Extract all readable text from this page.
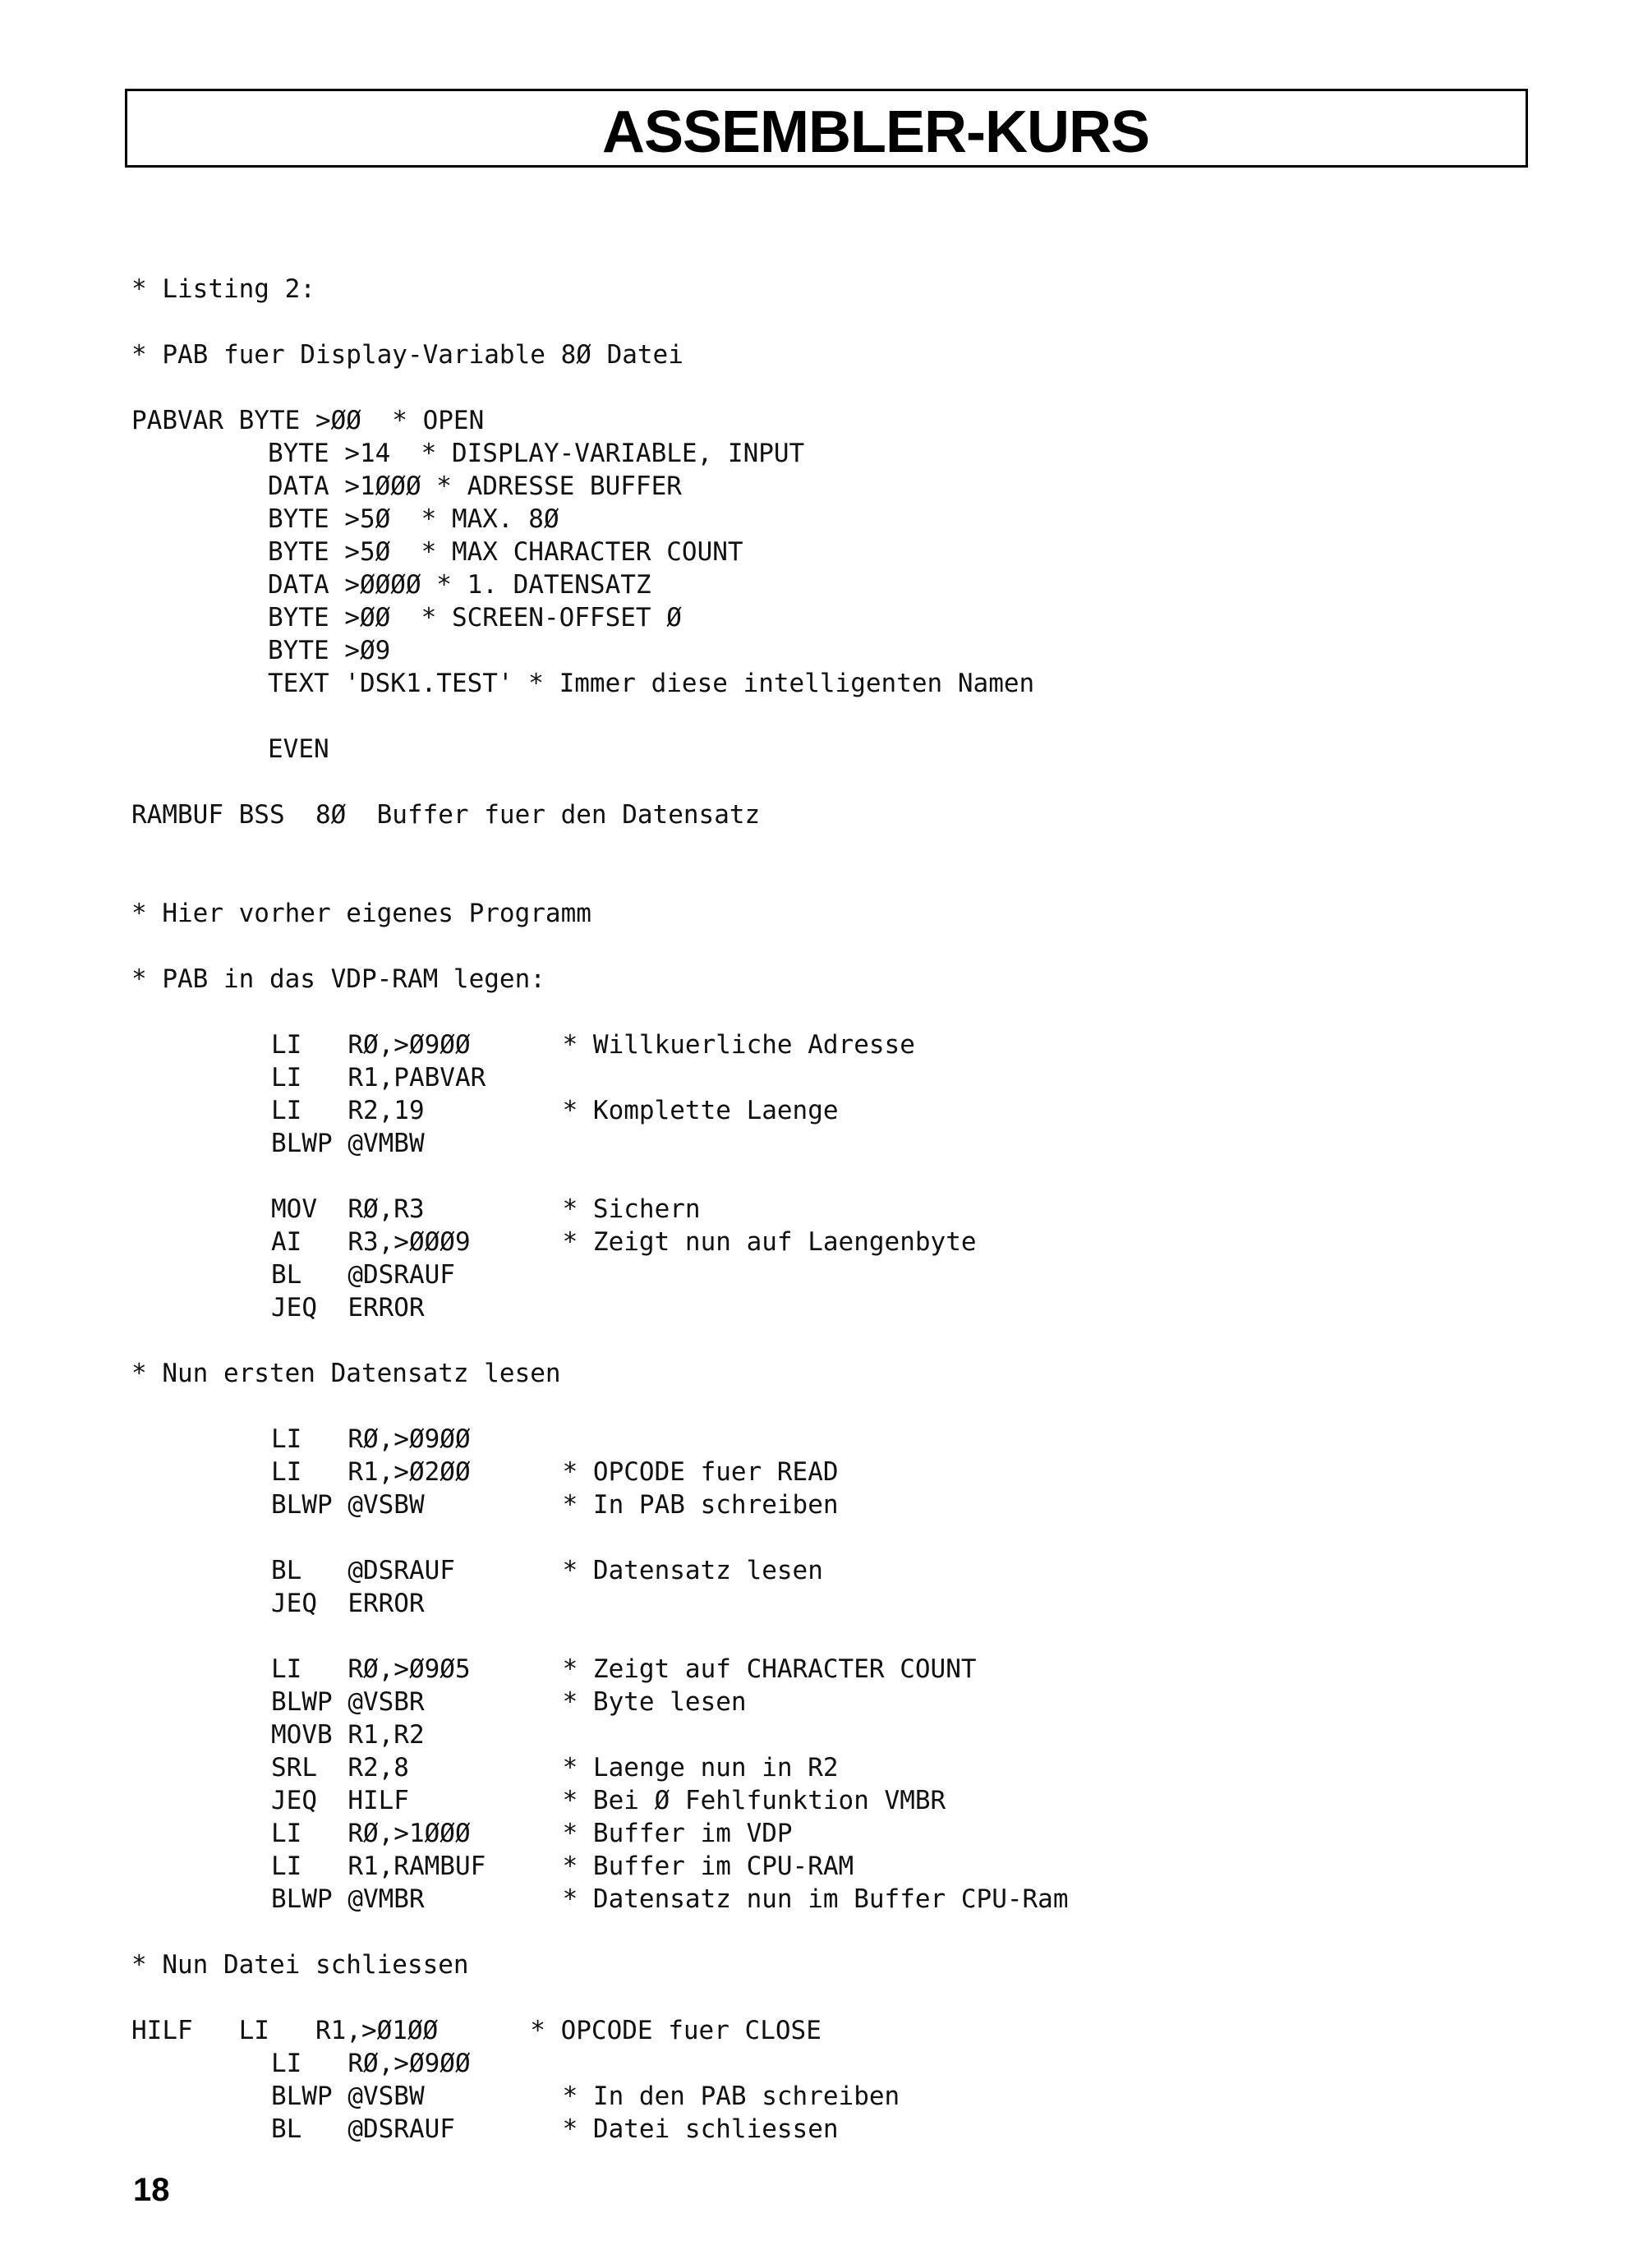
ASSEMBLER-KURS
* Listing 2:
* PAB fuer Display-Variable 8Ø Datei
PABVAR BYTE >ØØ  * OPEN
BYTE >14  * DISPLAY-VARIABLE, INPUT
DATA >1ØØØ * ADRESSE BUFFER
BYTE >5Ø  * MAX. 8Ø
BYTE >5Ø  * MAX CHARACTER COUNT
DATA >ØØØØ * 1. DATENSATZ
BYTE >ØØ  * SCREEN-OFFSET Ø
BYTE >Ø9
TEXT 'DSK1.TEST' * Immer diese intelligenten Namen
EVEN
RAMBUF BSS  8Ø  Buffer fuer den Datensatz
* Hier vorher eigenes Programm
* PAB in das VDP-RAM legen:
LI   RØ,>Ø9ØØ      * Willkuerliche Adresse
LI   R1,PABVAR
LI   R2,19         * Komplette Laenge
BLWP @VMBW
MOV  RØ,R3         * Sichern
AI   R3,>ØØØ9      * Zeigt nun auf Laengenbyte
BL   @DSRAUF
JEQ  ERROR
* Nun ersten Datensatz lesen
LI   RØ,>Ø9ØØ
LI   R1,>Ø2ØØ      * OPCODE fuer READ
BLWP @VSBW         * In PAB schreiben
BL   @DSRAUF       * Datensatz lesen
JEQ  ERROR
LI   RØ,>Ø9Ø5      * Zeigt auf CHARACTER COUNT
BLWP @VSBR         * Byte lesen
MOVB R1,R2
SRL  R2,8          * Laenge nun in R2
JEQ  HILF          * Bei Ø Fehlfunktion VMBR
LI   RØ,>1ØØØ      * Buffer im VDP
LI   R1,RAMBUF     * Buffer im CPU-RAM
BLWP @VMBR         * Datensatz nun im Buffer CPU-Ram
* Nun Datei schliessen
HILF   LI   R1,>Ø1ØØ      * OPCODE fuer CLOSE
LI   RØ,>Ø9ØØ
BLWP @VSBW         * In den PAB schreiben
BL   @DSRAUF       * Datei schliessen
18
